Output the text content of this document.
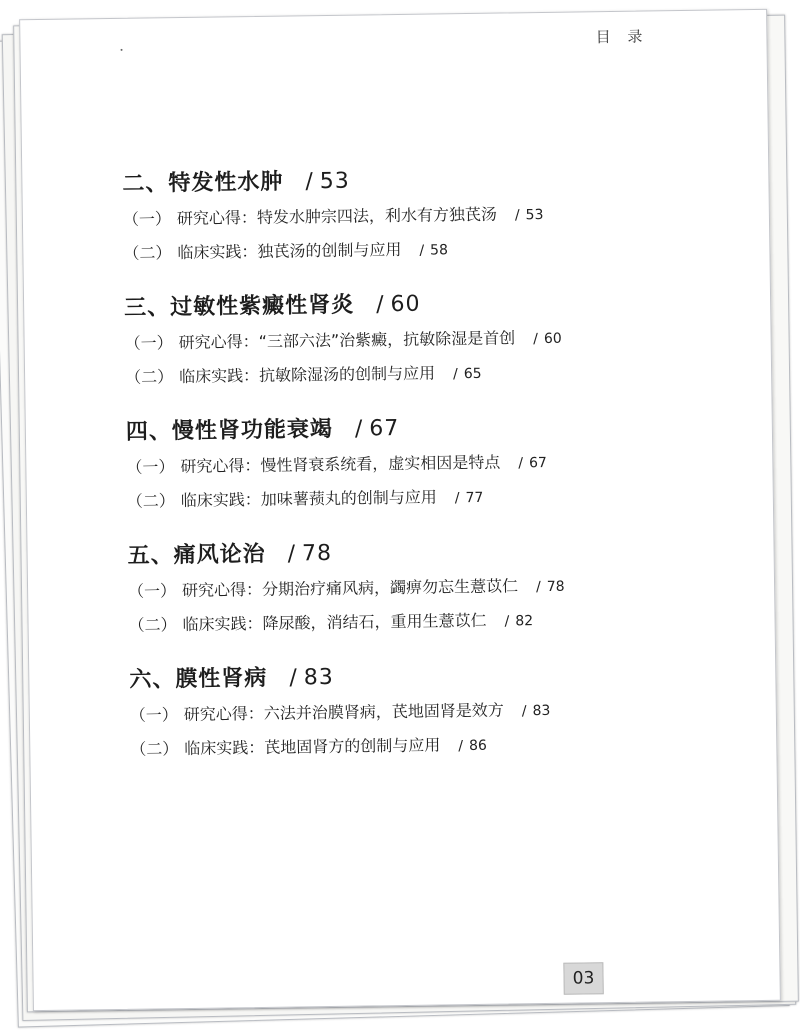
目 录
二、特发性水肿 / 53
（一） 研究心得：特发水肿宗四法，利水有方独芪汤 / 53
（二） 临床实践：独芪汤的创制与应用 / 58
三、过敏性紫癜性肾炎 / 60
（一） 研究心得：“三部六法”治紫癜，抗敏除湿是首创 / 60
（二） 临床实践：抗敏除湿汤的创制与应用 / 65
四、慢性肾功能衰竭 / 67
（一） 研究心得：慢性肾衰系统看，虚实相因是特点 / 67
（二） 临床实践：加味薯蓣丸的创制与应用 / 77
五、痛风论治 / 78
（一） 研究心得：分期治疗痛风病，蠲痹勿忘生薏苡仁 / 78
（二） 临床实践：降尿酸，消结石，重用生薏苡仁 / 82
六、膜性肾病 / 83
（一） 研究心得：六法并治膜肾病，芪地固肾是效方 / 83
（二） 临床实践：芪地固肾方的创制与应用 / 86
03
